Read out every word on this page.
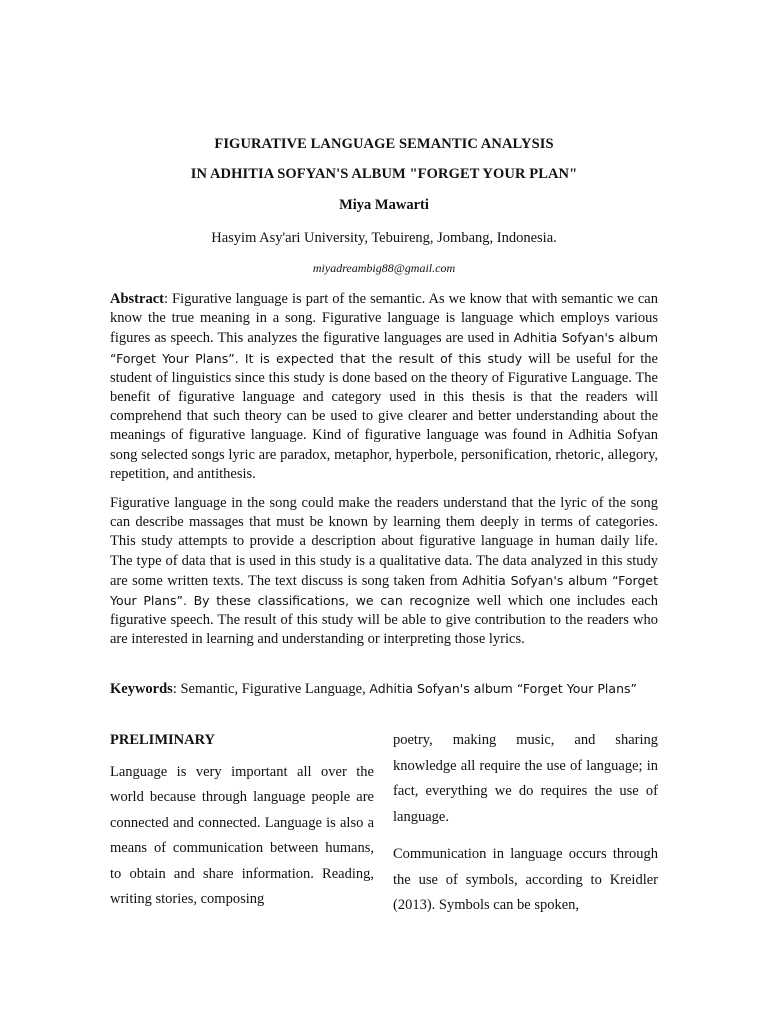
FIGURATIVE LANGUAGE SEMANTIC ANALYSIS
IN ADHITIA SOFYAN'S ALBUM "FORGET YOUR PLAN"
Miya Mawarti
Hasyim Asy'ari University, Tebuireng, Jombang, Indonesia.
miyadreambig88@gmail.com
Abstract: Figurative language is part of the semantic. As we know that with semantic we can know the true meaning in a song. Figurative language is language which employs various figures as speech. This analyzes the figurative languages are used in Adhitia Sofyan's album “Forget Your Plans”. It is expected that the result of this study will be useful for the student of linguistics since this study is done based on the theory of Figurative Language. The benefit of figurative language and category used in this thesis is that the readers will comprehend that such theory can be used to give clearer and better understanding about the meanings of figurative language. Kind of figurative language was found in Adhitia Sofyan song selected songs lyric are paradox, metaphor, hyperbole, personification, rhetoric, allegory, repetition, and antithesis.
Figurative language in the song could make the readers understand that the lyric of the song can describe massages that must be known by learning them deeply in terms of categories. This study attempts to provide a description about figurative language in human daily life. The type of data that is used in this study is a qualitative data. The data analyzed in this study are some written texts. The text discuss is song taken from Adhitia Sofyan's album “Forget Your Plans”. By these classifications, we can recognize well which one includes each figurative speech. The result of this study will be able to give contribution to the readers who are interested in learning and understanding or interpreting those lyrics.
Keywords: Semantic, Figurative Language, Adhitia Sofyan's album “Forget Your Plans”

PRELIMINARY

Language is very important all over the world because through language people are connected and connected. Language is also a means of communication between humans, to obtain and share information. Reading, writing stories, composing

poetry, making music, and sharing knowledge all require the use of language; in fact, everything we do requires the use of language.

Communication in language occurs through the use of symbols, according to Kreidler (2013). Symbols can be spoken,
